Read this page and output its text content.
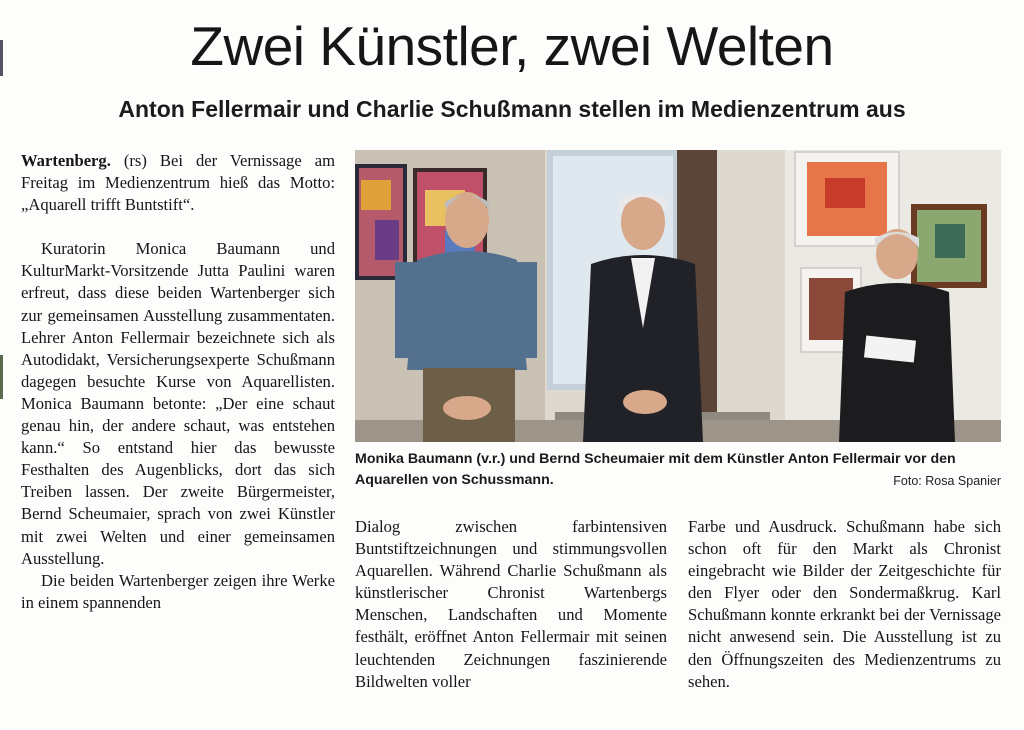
Zwei Künstler, zwei Welten
Anton Fellermair und Charlie Schußmann stellen im Medienzentrum aus

Wartenberg. (rs) Bei der Vernissage am Freitag im Medienzentrum hieß das Motto: „Aquarell trifft Buntstift“.

Kuratorin Monica Baumann und KulturMarkt-Vorsitzende Jutta Paulini waren erfreut, dass diese beiden Wartenberger sich zur gemeinsamen Ausstellung zusammentaten. Lehrer Anton Fellermair bezeichnete sich als Autodidakt, Versicherungsexperte Schußmann dagegen besuchte Kurse von Aquarellisten. Monica Baumann betonte: „Der eine schaut genau hin, der andere schaut, was entstehen kann.“ So entstand hier das bewusste Festhalten des Augenblicks, dort das sich Treiben lassen. Der zweite Bürgermeister, Bernd Scheumaier, sprach von zwei Künstler mit zwei Welten und einer gemeinsamen Ausstellung.

Die beiden Wartenberger zeigen ihre Werke in einem spannenden

Monika Baumann (v.r.) und Bernd Scheumaier mit dem Künstler Anton Fellermair vor den Aquarellen von Schussmann.	Foto: Rosa Spanier

Dialog zwischen farbintensiven Buntstiftzeichnungen und stimmungsvollen Aquarellen. Während Charlie Schußmann als künstlerischer Chronist Wartenbergs Menschen, Landschaften und Momente festhält, eröffnet Anton Fellermair mit seinen leuchtenden Zeichnungen faszinierende Bildwelten voller

Farbe und Ausdruck. Schußmann habe sich schon oft für den Markt als Chronist eingebracht wie Bilder der Zeitgeschichte für den Flyer oder den Sondermaßkrug. Karl Schußmann konnte erkrankt bei der Vernissage nicht anwesend sein. Die Ausstellung ist zu den Öffnungszeiten des Medienzentrums zu sehen.
